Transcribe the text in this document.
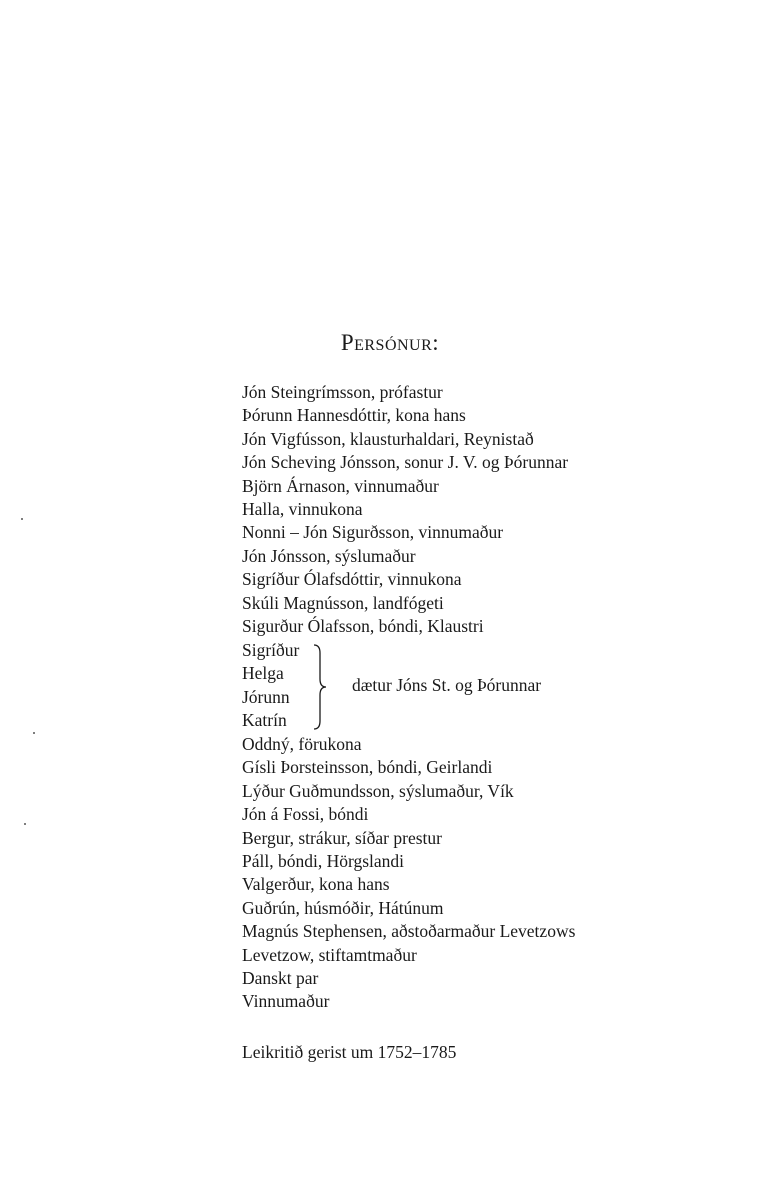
Persónur:
Jón Steingrímsson, prófastur
Þórunn Hannesdóttir, kona hans
Jón Vigfússon, klausturhaldari, Reynistað
Jón Scheving Jónsson, sonur J. V. og Þórunnar
Björn Árnason, vinnumaður
Halla, vinnukona
Nonni – Jón Sigurðsson, vinnumaður
Jón Jónsson, sýslumaður
Sigríður Ólafsdóttir, vinnukona
Skúli Magnússon, landfógeti
Sigurður Ólafsson, bóndi, Klaustri
Sigríður
Helga
Jórunn
Katrín
dætur Jóns St. og Þórunnar
Oddný, förukona
Gísli Þorsteinsson, bóndi, Geirlandi
Lýður Guðmundsson, sýslumaður, Vík
Jón á Fossi, bóndi
Bergur, strákur, síðar prestur
Páll, bóndi, Hörgslandi
Valgerður, kona hans
Guðrún, húsmóðir, Hátúnum
Magnús Stephensen, aðstoðarmaður Levetzows
Levetzow, stiftamtmaður
Danskt par
Vinnumaður
Leikritið gerist um 1752–1785
